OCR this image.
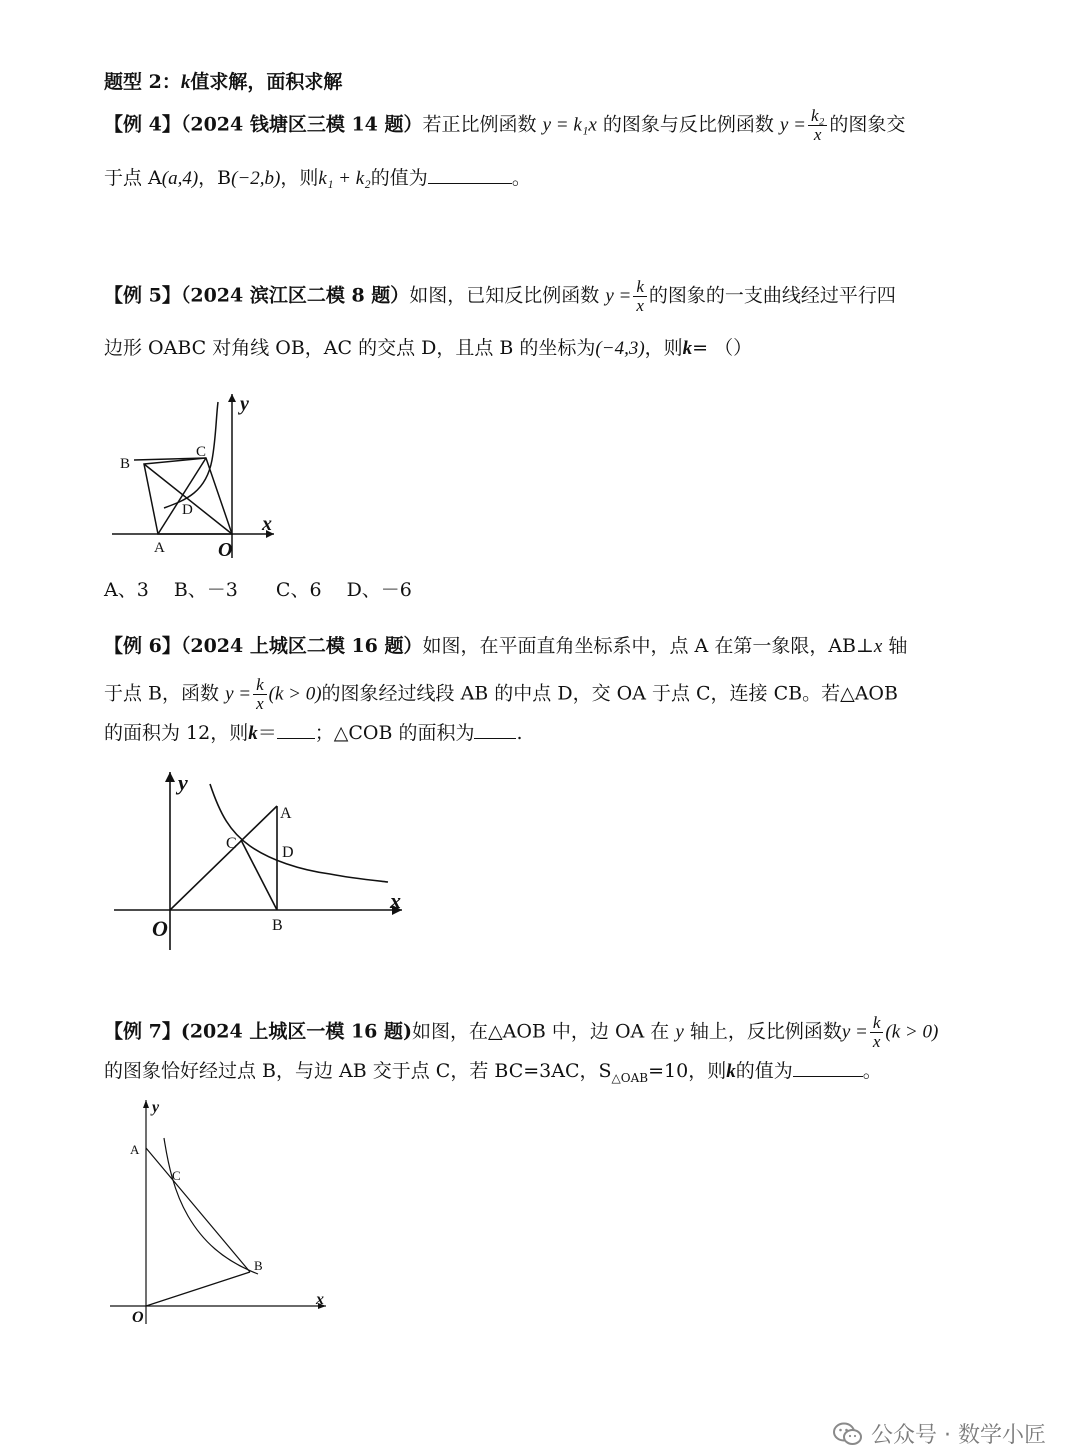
题型 2：k值求解，面积求解
【例 4】（2024 钱塘区三模 14 题）若正比例函数 y = k₁x 的图象与反比例函数 $y = \frac{\text{k₂}}{x}$ 的图象交
于点 A(a,4)，B(−2,b)，则k₁ + k₂的值为	。
【例 5】（2024 滨江区二模 8 题）如图，已知反比例函数 $y = \frac{k}{x}$ 的图象的一支曲线经过平行四
边形 OABC 对角线 OB，AC 的交点 D，且点 B 的坐标为(−4,3)，则k= （）
B
C
D
A	O
x
y
A、3　 B、－3　　C、6　 D、－6
【例 6】（2024 上城区二模 16 题）如图，在平面直角坐标系中，点 A 在第一象限，AB⊥x 轴
于点 B，函数 $y = \frac{k}{x} (k > 0)$的图象经过线段 AB 的中点 D，交 OA 于点 C，连接 CB。若△AOB
的面积为 12，则k＝ ；△COB 的面积为 .
A
C
D
B
O
x
y
【例 7】(2024 上城区一模 16 题)如图，在△AOB 中，边 OA 在 y 轴上，反比例函数$y = \frac{k}{x} (k > 0)$
的图象恰好经过点 B，与边 AB 交于点 C，若 BC=3AC，$S_{\triangle OAB}=10$，则k的值为	。
A
C
B
O
x
y
公众号 · 数学小匠
